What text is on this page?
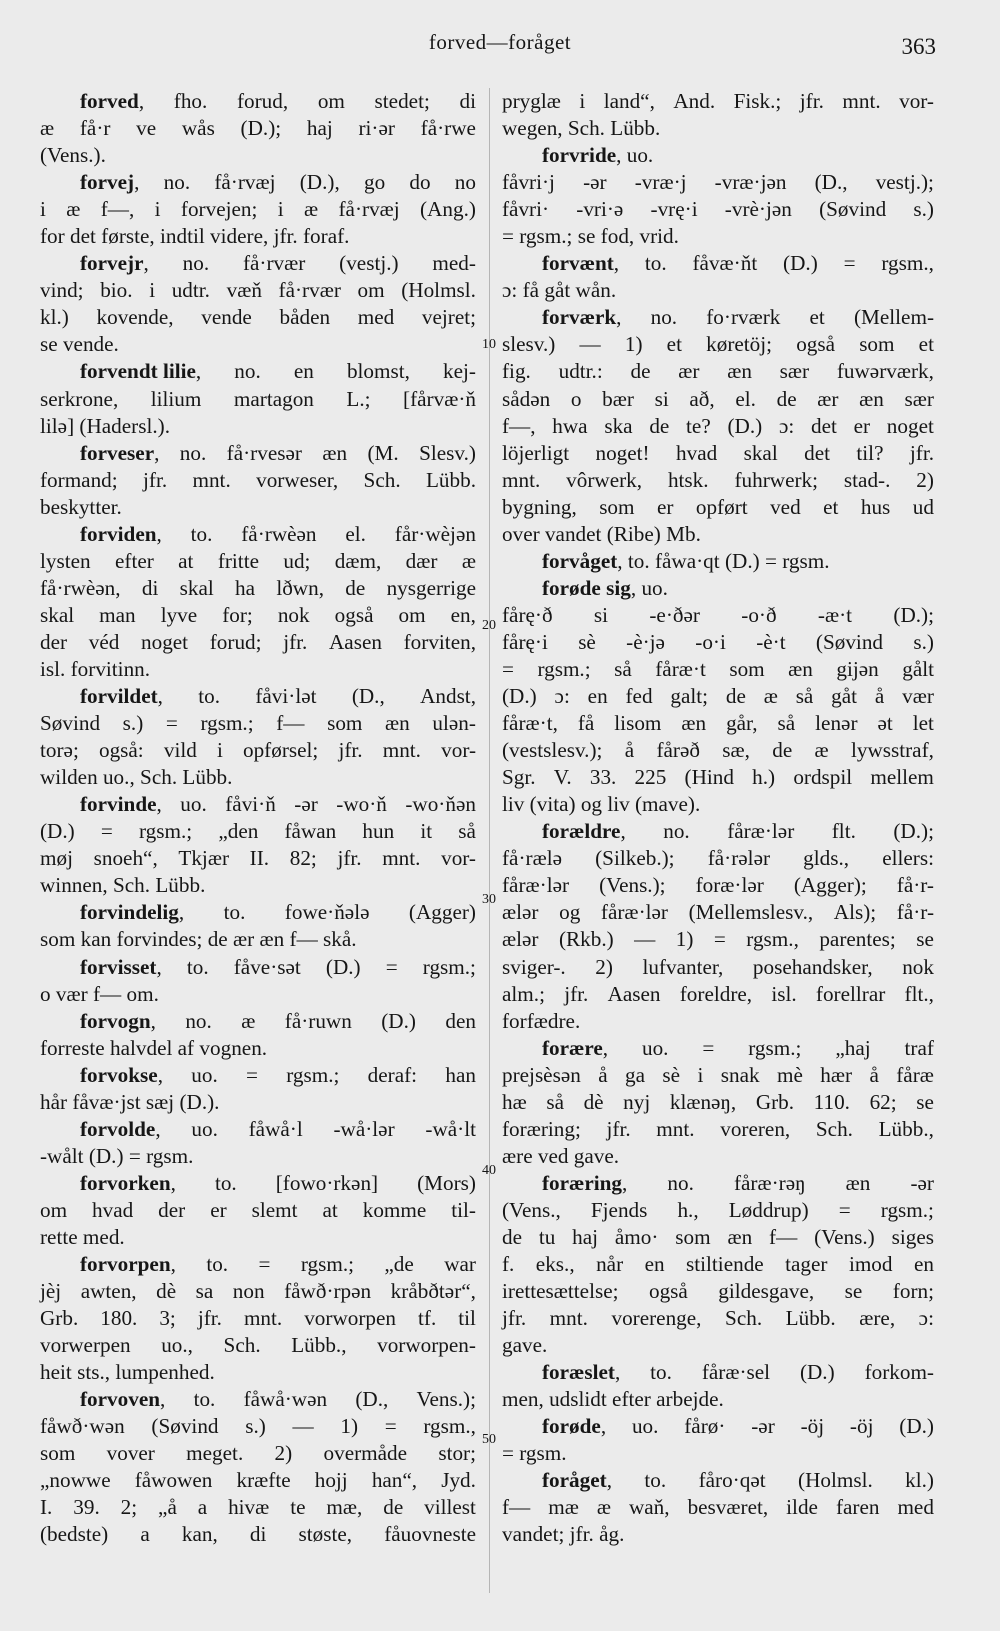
forved—foråget	363
forved, fho. forud, om stedet; di
æ få·r ve wås (D.); haj ri·ər få·rwe
(Vens.).
forvej, no. få·rvæj (D.), go do no
i æ f—, i forvejen; i æ få·rvæj (Ang.)
for det første, indtil videre, jfr. foraf.
forvejr, no. få·rvær (vestj.) med-
vind; bio. i udtr. væň få·rvær om (Holmsl.
kl.) kovende, vende båden med vejret;
se vende.
forvendt lilie, no. en blomst, kej-
serkrone, lilium martagon L.; [fårvæ·ň
lilə] (Hadersl.).
forveser, no. få·rvesər æn (M. Slesv.)
formand; jfr. mnt. vorweser, Sch. Lübb.
beskytter.
forviden, to. få·rwèən el. får·wèjən
lysten efter at fritte ud; dæm, dær æ
få·rwèən, di skal ha lðwn, de nysgerrige
skal man lyve for; nok også om en,
der véd noget forud; jfr. Aasen forviten,
isl. forvitinn.
forvildet, to. fåvi·lət (D., Andst,
Søvind s.) = rgsm.; f— som æn ulən-
torə; også: vild i opførsel; jfr. mnt. vor-
wilden uo., Sch. Lübb.
forvinde, uo. fåvi·ň -ər -wo·ň -wo·ňən
(D.) = rgsm.; „den fåwan hun it så
møj snoeh“, Tkjær II. 82; jfr. mnt. vor-
winnen, Sch. Lübb.
forvindelig, to. fowe·ňələ (Agger)
som kan forvindes; de ær æn f— skå.
forvisset, to. fåve·sət (D.) = rgsm.;
o vær f— om.
forvogn, no. æ få·ruwn (D.) den
forreste halvdel af vognen.
forvokse, uo. = rgsm.; deraf: han
hår fåvæ·jst sæj (D.).
forvolde, uo. fåwå·l -wå·lər -wå·lt
-wålt (D.) = rgsm.
forvorken, to. [fowo·rkən] (Mors)
om hvad der er slemt at komme til-
rette med.
forvorpen, to. = rgsm.; „de war
jèj awten, dè sa non fåwð·rpən kråbðtər“,
Grb. 180. 3; jfr. mnt. vorworpen tf. til
vorwerpen uo., Sch. Lübb., vorworpen-
heit sts., lumpenhed.
forvoven, to. fåwå·wən (D., Vens.);
fåwð·wən (Søvind s.) — 1) = rgsm.,
som vover meget. 2) overmåde stor;
„nowwe fåwowen kræfte hojj han“, Jyd.
I. 39. 2; „å a hivæ te mæ, de villest
(bedste) a kan, di støste, fåuovneste
pryglæ i land“, And. Fisk.; jfr. mnt. vor-
wegen, Sch. Lübb.
forvride, uo.
fåvri·j -ər -vræ·j -vræ·jən (D., vestj.);
fåvri· -vri·ə -vrę·i -vrè·jən (Søvind s.)
= rgsm.; se fod, vrid.
forvænt, to. fåvæ·ňt (D.) = rgsm.,
ɔ: få gåt wån.
forværk, no. fo·rværk et (Mellem-
slesv.) — 1) et køretöj; også som et
fig. udtr.: de ær æn sær fuwərværk,
sådən o bær si að, el. de ær æn sær
f—, hwa ska de te? (D.) ɔ: det er noget
löjerligt noget! hvad skal det til? jfr.
mnt. vôrwerk, htsk. fuhrwerk; stad-. 2)
bygning, som er opført ved et hus ud
over vandet (Ribe) Mb.
forvåget, to. fåwa·qt (D.) = rgsm.
forøde sig, uo.
fårę·ð si -e·ðər -o·ð -æ·t (D.);
fårę·i sè -è·jə -o·i -è·t (Søvind s.)
= rgsm.; så fåræ·t som æn gijən gålt
(D.) ɔ: en fed galt; de æ så gåt å vær
fåræ·t, få lisom æn går, så lenər ət let
(vestslesv.); å fårəð sæ, de æ lywsstraf,
Sgr. V. 33. 225 (Hind h.) ordspil mellem
liv (vita) og liv (mave).
forældre, no. fåræ·lər flt. (D.);
få·rælə (Silkeb.); få·rələr glds., ellers:
fåræ·lər (Vens.); foræ·lər (Agger); få·r-
ælər og fåræ·lər (Mellemslesv., Als); få·r-
ælər (Rkb.) — 1) = rgsm., parentes; se
sviger-. 2) lufvanter, posehandsker, nok
alm.; jfr. Aasen foreldre, isl. forellrar flt.,
forfædre.
forære, uo. = rgsm.; „haj traf
prejsèsən å ga sè i snak mè hær å fåræ
hæ så dè nyj klænəŋ, Grb. 110. 62; se
foræring; jfr. mnt. voreren, Sch. Lübb.,
ære ved gave.
foræring, no. fåræ·rəŋ æn -ər
(Vens., Fjends h., Løddrup) = rgsm.;
de tu haj åmo· som æn f— (Vens.) siges
f. eks., når en stiltiende tager imod en
irettesættelse; også gildesgave, se forn;
jfr. mnt. vorerenge, Sch. Lübb. ære, ɔ:
gave.
foræslet, to. fåræ·sel (D.) forkom-
men, udslidt efter arbejde.
forøde, uo. fårø· -ər -öj -öj (D.)
= rgsm.
foråget, to. fåro·qət (Holmsl. kl.)
f— mæ æ waň, besværet, ilde faren med
vandet; jfr. åg.
10
20
30
40
50
